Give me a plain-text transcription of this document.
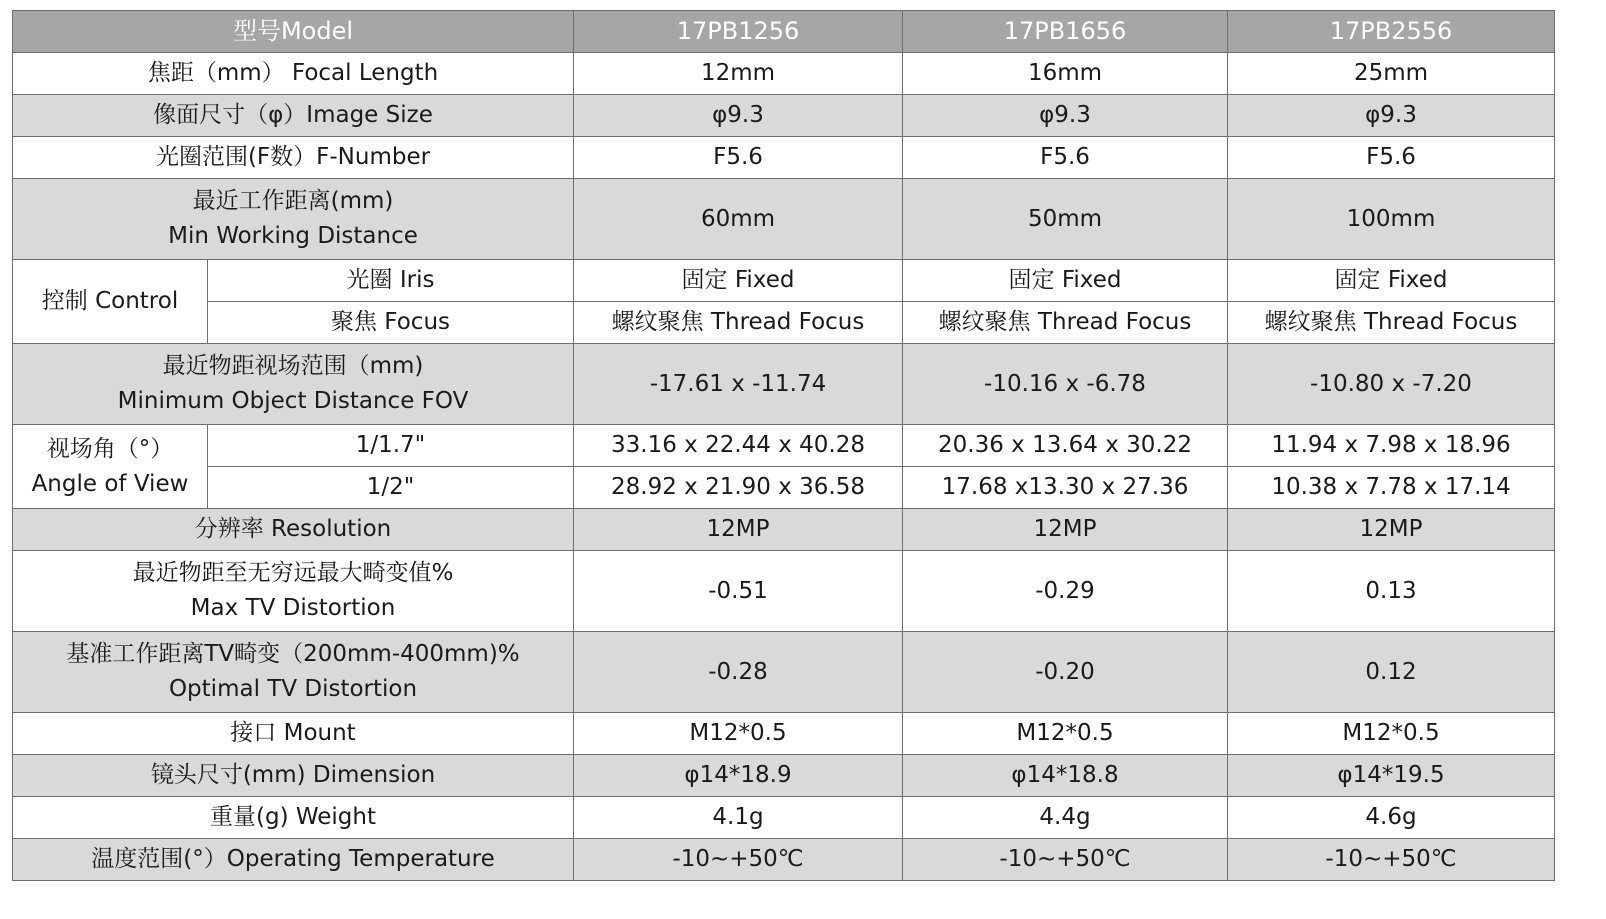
型号Model		17PB1256	17PB1656	17PB2556
焦距（mm） Focal Length		12mm	16mm	25mm
像面尺寸（φ）Image Size		φ9.3	φ9.3	φ9.3
光圈范围(F数）F-Number		F5.6	F5.6	F5.6

最近工作距离(mm)
Min Working Distance		60mm	50mm	100mm
控制 Control	光圈 Iris	固定 Fixed	固定 Fixed	固定 Fixed
	聚焦 Focus	螺纹聚焦 Thread Focus	螺纹聚焦 Thread Focus	螺纹聚焦 Thread Focus

最近物距视场范围（mm)
Minimum Object Distance FOV		-17.61 x -11.74	-10.16 x -6.78	-10.80 x -7.20

视场角（°）
Angle of View	1/1.7"	33.16 x 22.44 x 40.28	20.36 x 13.64 x 30.22	11.94 x 7.98 x 18.96
	1/2"	28.92 x 21.90 x 36.58	17.68 x13.30 x 27.36	10.38 x 7.78 x 17.14
分辨率 Resolution		12MP	12MP	12MP

最近物距至无穷远最大畸变值%
Max TV Distortion		-0.51	-0.29	0.13

基准工作距离TV畸变（200mm-400mm)%
Optimal TV Distortion		-0.28	-0.20	0.12
接口 Mount		M12*0.5	M12*0.5	M12*0.5
镜头尺寸(mm) Dimension		φ14*18.9	φ14*18.8	φ14*19.5
重量(g) Weight		4.1g	4.4g	4.6g
温度范围(°）Operating Temperature		-10~+50℃	-10~+50℃	-10~+50℃
